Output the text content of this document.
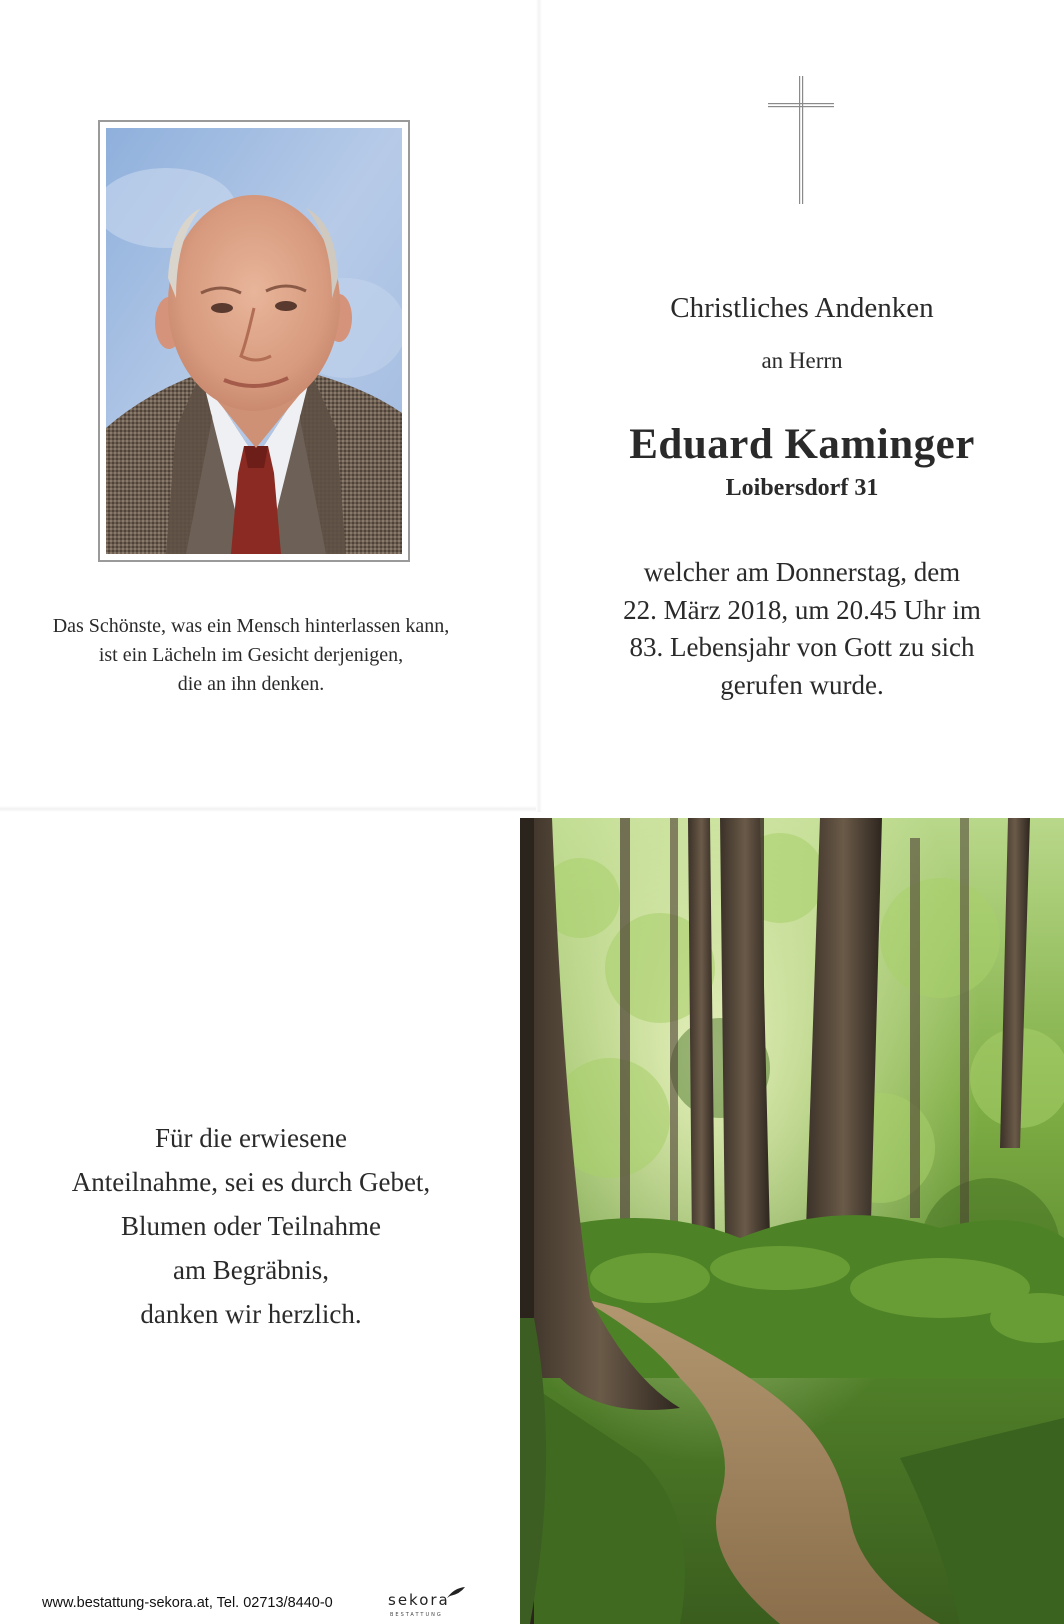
Das Schönste, was ein Mensch hinterlassen kann,
ist ein Lächeln im Gesicht derjenigen,
die an ihn denken.
Christliches Andenken
an Herrn
Eduard Kaminger
Loibersdorf 31
welcher am Donnerstag, dem
22. März 2018, um 20.45 Uhr im
83. Lebensjahr von Gott zu sich
gerufen wurde.
Für die erwiesene
Anteilnahme, sei es durch Gebet,
Blumen oder Teilnahme
am Begräbnis,
danken wir herzlich.
www.bestattung-sekora.at, Tel. 02713/8440-0	sekora
BESTATTUNG
